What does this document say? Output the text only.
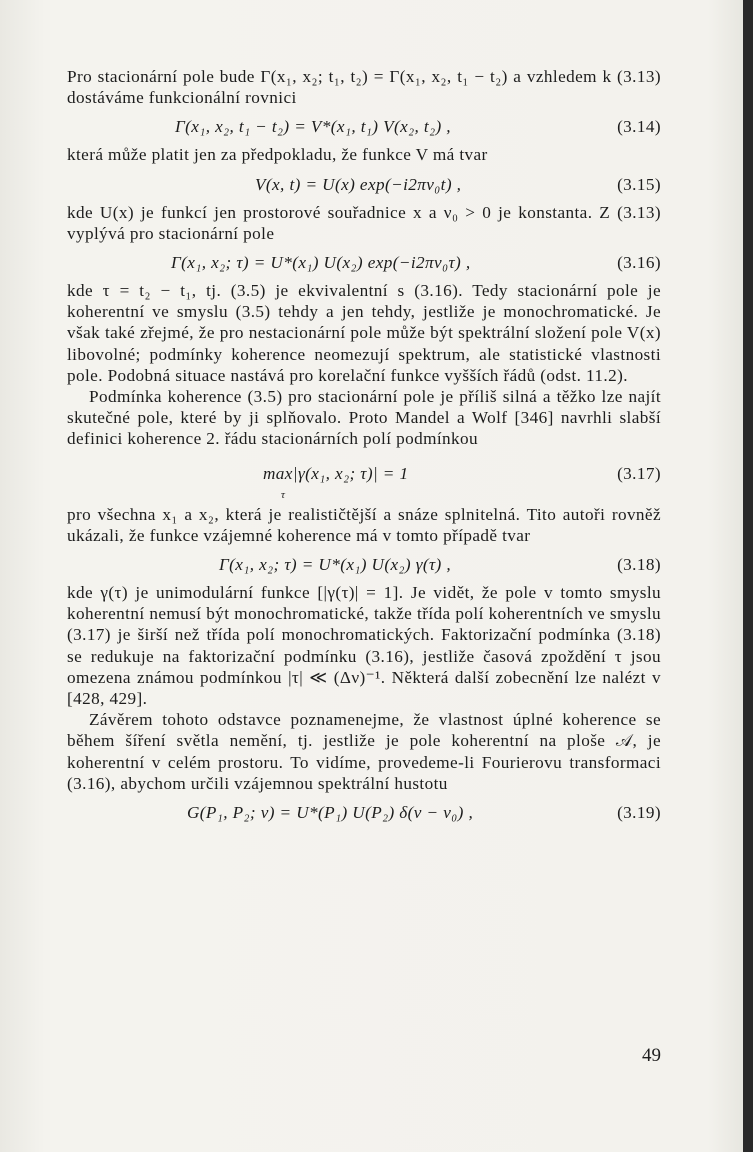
Pro stacionární pole bude Γ(x₁, x₂; t₁, t₂) = Γ(x₁, x₂, t₁ − t₂) a vzhledem k (3.13) dostáváme funkcionální rovnici

Γ(x₁, x₂, t₁ − t₂) = V*(x₁, t₁) V(x₂, t₂) ,	(3.14)

která může platit jen za předpokladu, že funkce V má tvar

V(x, t) = U(x) exp(−i2πν₀t) ,	(3.15)

kde U(x) je funkcí jen prostorové souřadnice x a ν₀ > 0 je konstanta. Z (3.13) vyplývá pro stacionární pole

Γ(x₁, x₂; τ) = U*(x₁) U(x₂) exp(−i2πν₀τ) ,	(3.16)

kde τ = t₂ − t₁, tj. (3.5) je ekvivalentní s (3.16). Tedy stacionární pole je koherentní ve smyslu (3.5) tehdy a jen tehdy, jestliže je monochromatické. Je však také zřejmé, že pro nestacionární pole může být spektrální složení pole V(x) libovolné; podmínky koherence neomezují spektrum, ale statistické vlastnosti pole. Podobná situace nastává pro korelační funkce vyšších řádů (odst. 11.2).

Podmínka koherence (3.5) pro stacionární pole je příliš silná a těžko lze najít skutečné pole, které by ji splňovalo. Proto Mandel a Wolf [346] navrhli slabší definici koherence 2. řádu stacionárních polí podmínkou

max|γ(x₁, x₂; τ)| = 1
τ
(3.17)

pro všechna x₁ a x₂, která je realističtější a snáze splnitelná. Tito autoři rovněž ukázali, že funkce vzájemné koherence má v tomto případě tvar

Γ(x₁, x₂; τ) = U*(x₁) U(x₂) γ(τ) ,	(3.18)

kde γ(τ) je unimodulární funkce [|γ(τ)| = 1]. Je vidět, že pole v tomto smyslu koherentní nemusí být monochromatické, takže třída polí koherentních ve smyslu (3.17) je širší než třída polí monochromatických. Faktorizační podmínka (3.18) se redukuje na faktorizační podmínku (3.16), jestliže časová zpoždění τ jsou omezena známou podmínkou |τ| ≪ (Δν)⁻¹. Některá další zobecnění lze nalézt v [428, 429].

Závěrem tohoto odstavce poznamenejme, že vlastnost úplné koherence se během šíření světla nemění, tj. jestliže je pole koherentní na ploše 𝒜, je koherentní v celém prostoru. To vidíme, provedeme-li Fourierovu transformaci (3.16), abychom určili vzájemnou spektrální hustotu

G(P₁, P₂; ν) = U*(P₁) U(P₂) δ(ν − ν₀) ,	(3.19)
49
